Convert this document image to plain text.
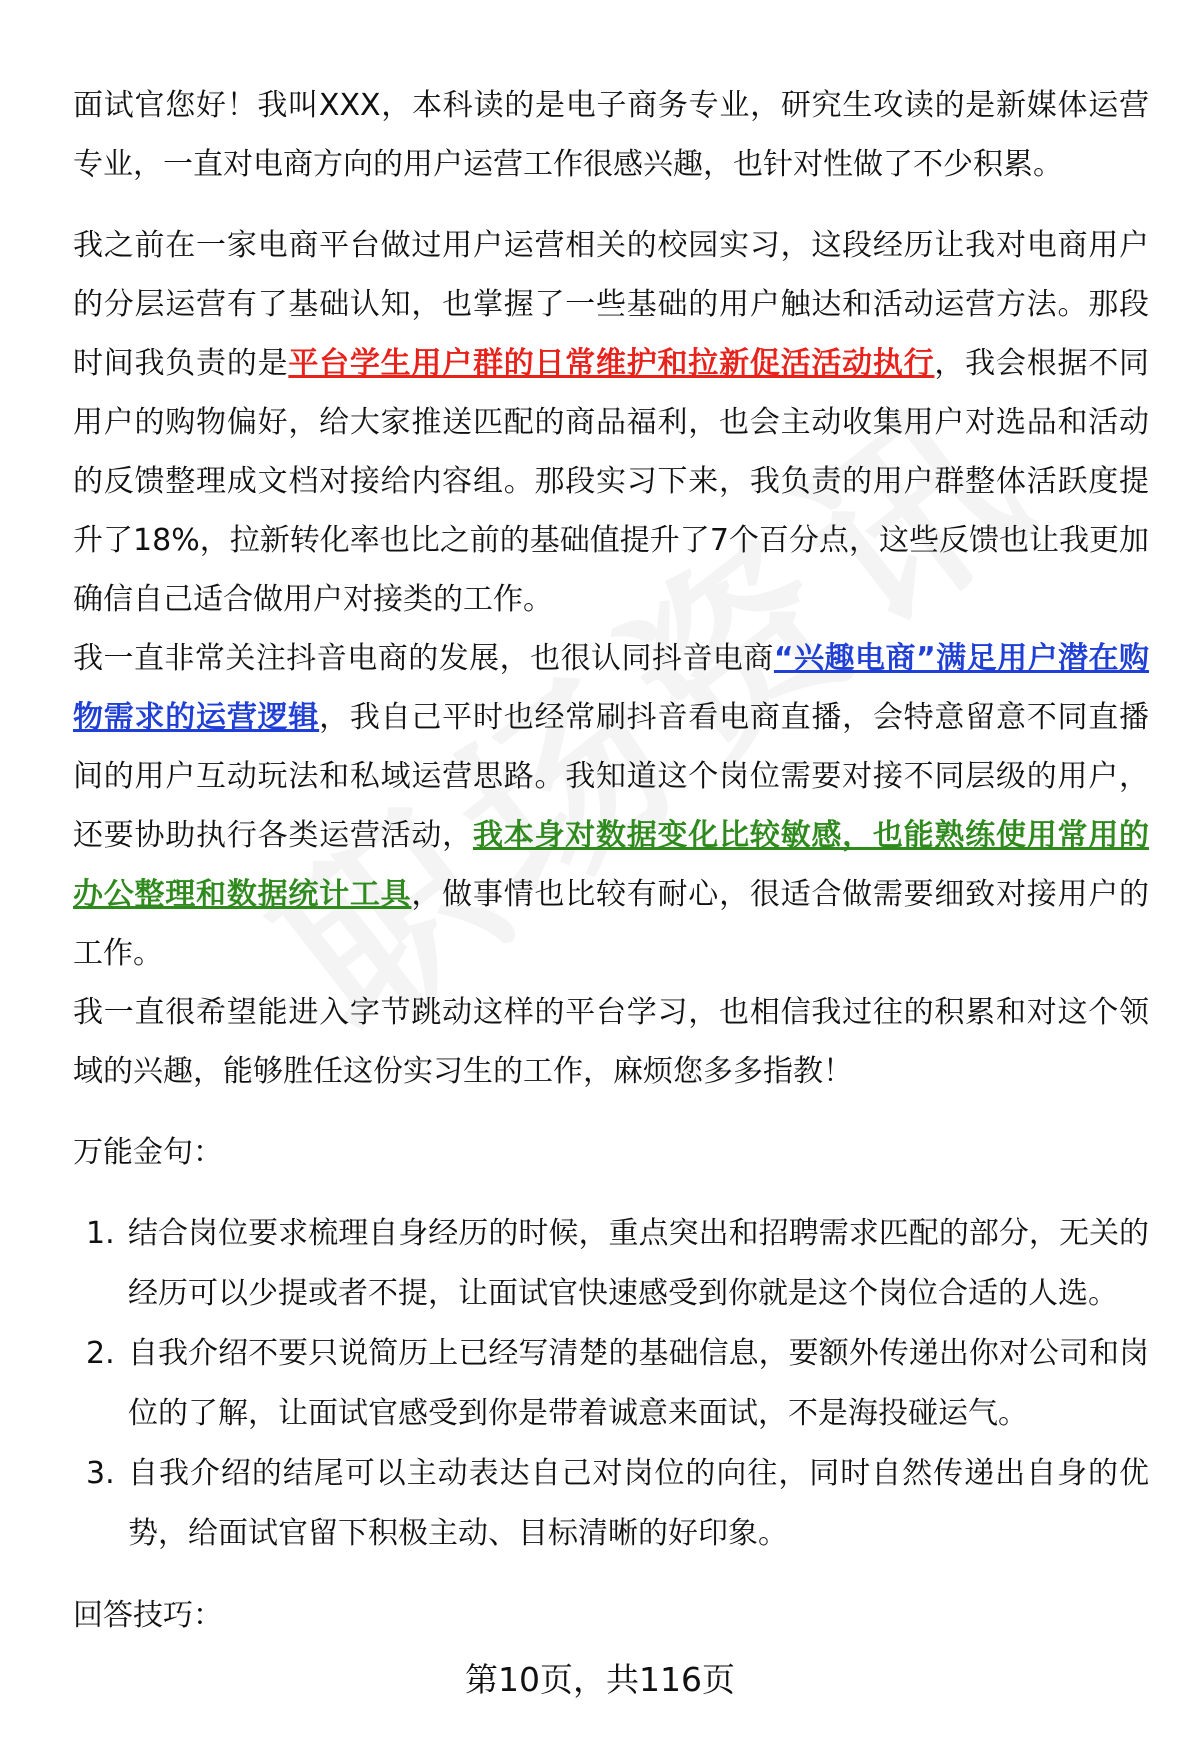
面试官您好！我叫XXX，本科读的是电子商务专业，研究生攻读的是新媒体运营专业，一直对电商方向的用户运营工作很感兴趣，也针对性做了不少积累。

我之前在一家电商平台做过用户运营相关的校园实习，这段经历让我对电商用户的分层运营有了基础认知，也掌握了一些基础的用户触达和活动运营方法。那段时间我负责的是平台学生用户群的日常维护和拉新促活活动执行，我会根据不同用户的购物偏好，给大家推送匹配的商品福利，也会主动收集用户对选品和活动的反馈整理成文档对接给内容组。那段实习下来，我负责的用户群整体活跃度提升了18%，拉新转化率也比之前的基础值提升了7个百分点，这些反馈也让我更加确信自己适合做用户对接类的工作。

我一直非常关注抖音电商的发展，也很认同抖音电商“兴趣电商”满足用户潜在购物需求的运营逻辑，我自己平时也经常刷抖音看电商直播，会特意留意不同直播间的用户互动玩法和私域运营思路。我知道这个岗位需要对接不同层级的用户，还要协助执行各类运营活动，我本身对数据变化比较敏感，也能熟练使用常用的办公整理和数据统计工具，做事情也比较有耐心，很适合做需要细致对接用户的工作。

我一直很希望能进入字节跳动这样的平台学习，也相信我过往的积累和对这个领域的兴趣，能够胜任这份实习生的工作，麻烦您多多指教！

万能金句：

1. 结合岗位要求梳理自身经历的时候，重点突出和招聘需求匹配的部分，无关的经历可以少提或者不提，让面试官快速感受到你就是这个岗位合适的人选。
2. 自我介绍不要只说简历上已经写清楚的基础信息，要额外传递出你对公司和岗位的了解，让面试官感受到你是带着诚意来面试，不是海投碰运气。
3. 自我介绍的结尾可以主动表达自己对岗位的向往，同时自然传递出自身的优势，给面试官留下积极主动、目标清晰的好印象。

回答技巧：

第10页，共116页
